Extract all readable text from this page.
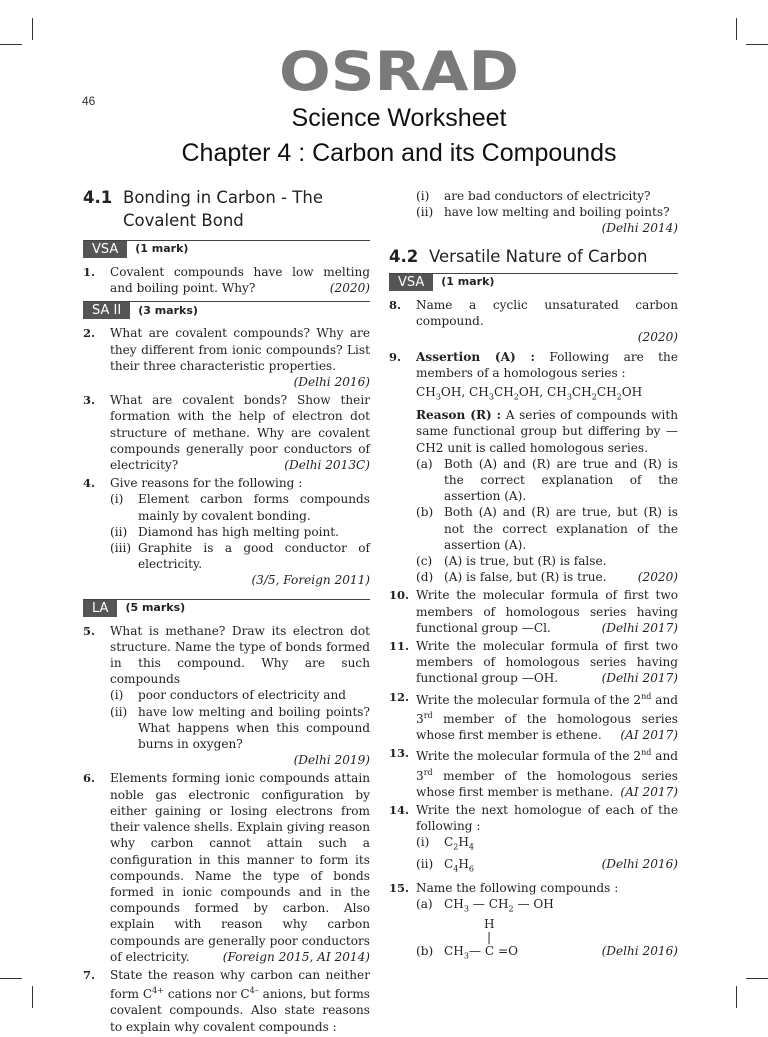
OSRAD
46
Science Worksheet
Chapter 4 : Carbon and its Compounds
4.1 Bonding in Carbon - The Covalent Bond
VSA	(1 mark)
1.	Covalent compounds have low melting and boiling point. Why?	(2020)
SA II	(3 marks)
2.	What are covalent compounds? Why are they different from ionic compounds? List their three characteristic properties.
(Delhi 2016)
3.	What are covalent bonds? Show their formation with the help of electron dot structure of methane. Why are covalent compounds generally poor conductors of electricity?	(Delhi 2013C)
4.	Give reasons for the following :
(i)	Element carbon forms compounds mainly by covalent bonding.
(ii) Diamond has high melting point.
(iii) Graphite is a good conductor of electricity.
(3/5, Foreign 2011)
LA	(5 marks)
5.	What is methane? Draw its electron dot structure. Name the type of bonds formed in this compound. Why are such compounds
(i)	poor conductors of electricity and
(ii) have low melting and boiling points? What happens when this compound burns in oxygen?
(Delhi 2019)
6.	Elements forming ionic compounds attain noble gas electronic configuration by either gaining or losing electrons from their valence shells. Explain giving reason why carbon cannot attain such a configuration in this manner to form its compounds. Name the type of bonds formed in ionic compounds and in the compounds formed by carbon. Also explain with reason why carbon compounds are generally poor conductors of electricity.	(Foreign 2015, AI 2014)
7.	State the reason why carbon can neither form $C^{4+}$ cations nor $C^{4-}$ anions, but forms covalent compounds. Also state reasons to explain why covalent compounds :
(i)	are bad conductors of electricity?
(ii) have low melting and boiling points?
(Delhi 2014)
4.2 Versatile Nature of Carbon
VSA	(1 mark)
8.	Name a cyclic unsaturated carbon compound.
(2020)
9.	Assertion (A) : Following are the members of a homologous series :
$CH_3OH$, $CH_3CH_2OH$, $CH_3CH_2CH_2OH$
Reason (R) : A series of compounds with same functional group but differing by —CH2 unit is called homologous series.
(a) Both (A) and (R) are true and (R) is the correct explanation of the assertion (A).
(b) Both (A) and (R) are true, but (R) is not the correct explanation of the assertion (A).
(c) (A) is true, but (R) is false.
(d) (A) is false, but (R) is true.	(2020)
10. Write the molecular formula of first two members of homologous series having functional group —Cl.	(Delhi 2017)
11. Write the molecular formula of first two members of homologous series having functional group —OH.	(Delhi 2017)
12. Write the molecular formula of the 2nd and 3rd member of the homologous series whose first member is ethene. (AI 2017)
13. Write the molecular formula of the 2nd and 3rd member of the homologous series whose first member is methane. (AI 2017)
14. Write the next homologue of each of the following :
(i)	$C_2H_4$
(ii) $C_4H_6$	(Delhi 2016)
15. Name the following compounds :
(a) $CH_3$ — $CH_2$ — OH
H
|
(b) $CH_3—$ C =O	(Delhi 2016)
